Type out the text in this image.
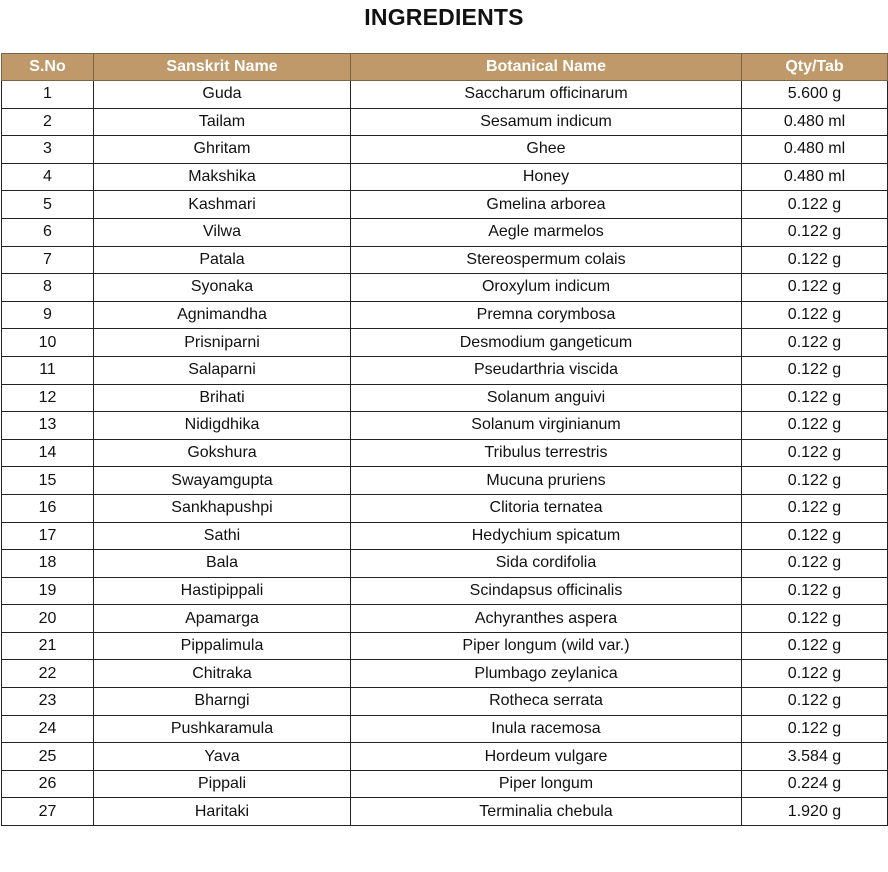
INGREDIENTS
S.No	Sanskrit Name	Botanical Name	Qty/Tab
1	Guda	Saccharum officinarum	5.600 g
2	Tailam	Sesamum indicum	0.480 ml
3	Ghritam	Ghee	0.480 ml
4	Makshika	Honey	0.480 ml
5	Kashmari	Gmelina arborea	0.122 g
6	Vilwa	Aegle marmelos	0.122 g
7	Patala	Stereospermum colais	0.122 g
8	Syonaka	Oroxylum indicum	0.122 g
9	Agnimandha	Premna corymbosa	0.122 g
10	Prisniparni	Desmodium gangeticum	0.122 g
11	Salaparni	Pseudarthria viscida	0.122 g
12	Brihati	Solanum anguivi	0.122 g
13	Nidigdhika	Solanum virginianum	0.122 g
14	Gokshura	Tribulus terrestris	0.122 g
15	Swayamgupta	Mucuna pruriens	0.122 g
16	Sankhapushpi	Clitoria ternatea	0.122 g
17	Sathi	Hedychium spicatum	0.122 g
18	Bala	Sida cordifolia	0.122 g
19	Hastipippali	Scindapsus officinalis	0.122 g
20	Apamarga	Achyranthes aspera	0.122 g
21	Pippalimula	Piper longum (wild var.)	0.122 g
22	Chitraka	Plumbago zeylanica	0.122 g
23	Bharngi	Rotheca serrata	0.122 g
24	Pushkaramula	Inula racemosa	0.122 g
25	Yava	Hordeum vulgare	3.584 g
26	Pippali	Piper longum	0.224 g
27	Haritaki	Terminalia chebula	1.920 g
